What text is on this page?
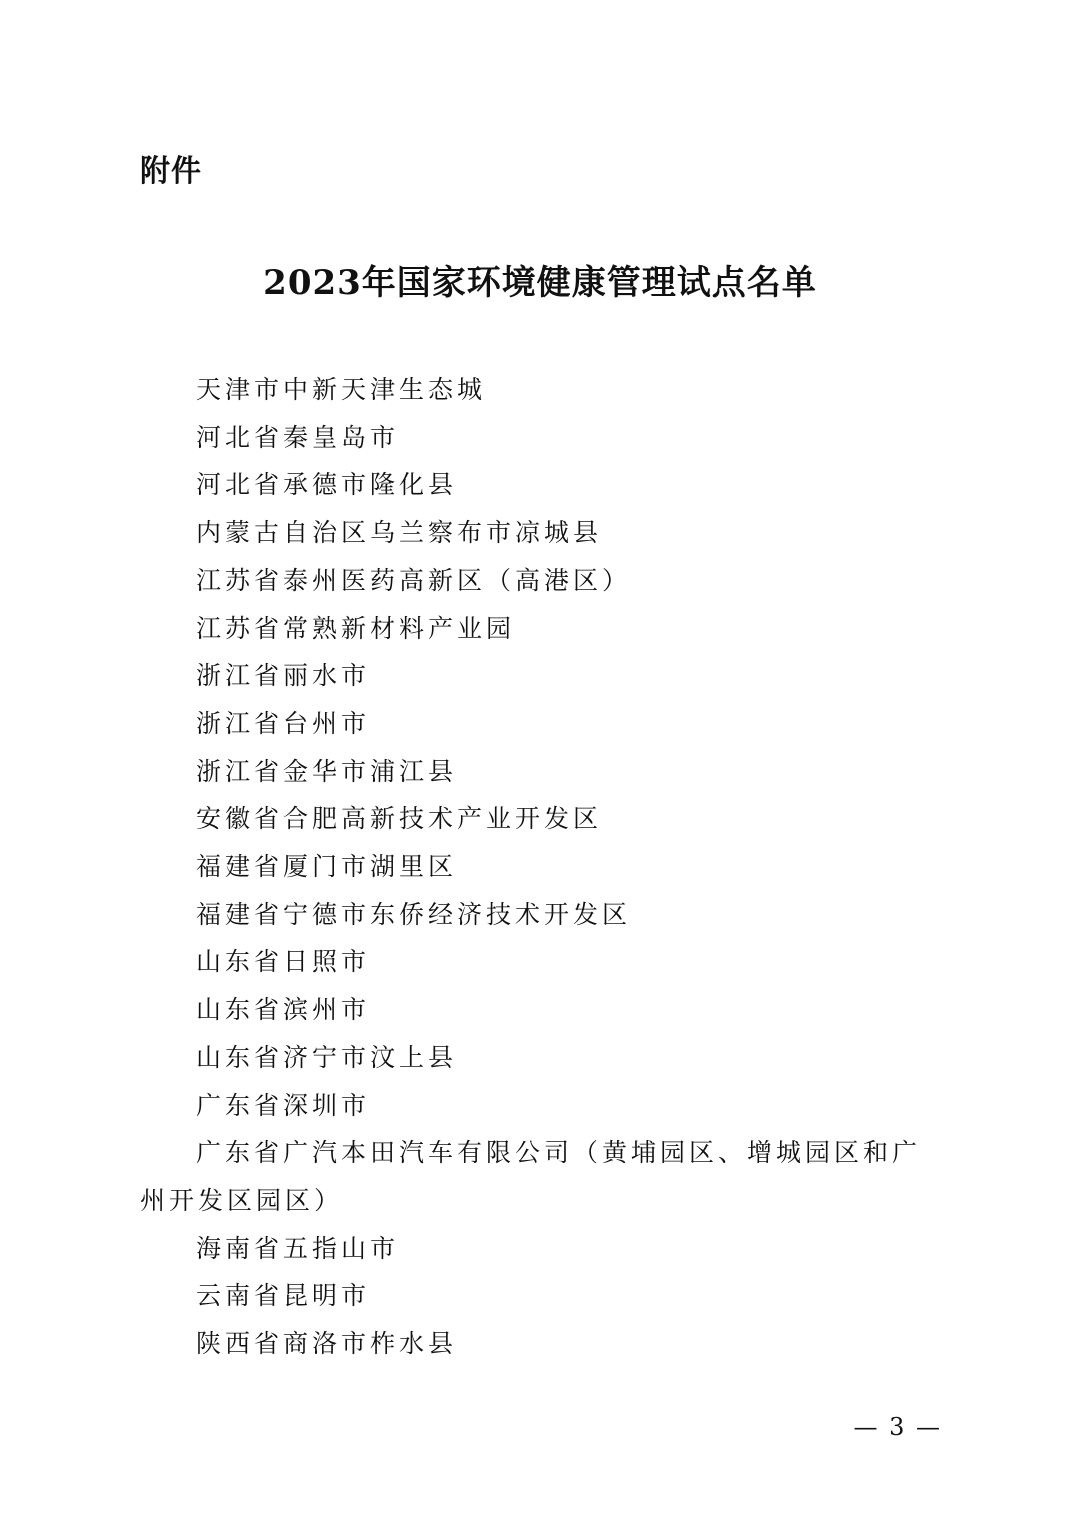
附件
2023年国家环境健康管理试点名单
天津市中新天津生态城
河北省秦皇岛市
河北省承德市隆化县
内蒙古自治区乌兰察布市凉城县
江苏省泰州医药高新区（高港区）
江苏省常熟新材料产业园
浙江省丽水市
浙江省台州市
浙江省金华市浦江县
安徽省合肥高新技术产业开发区
福建省厦门市湖里区
福建省宁德市东侨经济技术开发区
山东省日照市
山东省滨州市
山东省济宁市汶上县
广东省深圳市
广东省广汽本田汽车有限公司（黄埔园区、增城园区和广州开发区园区）
海南省五指山市
云南省昆明市
陕西省商洛市柞水县
— 3 —
